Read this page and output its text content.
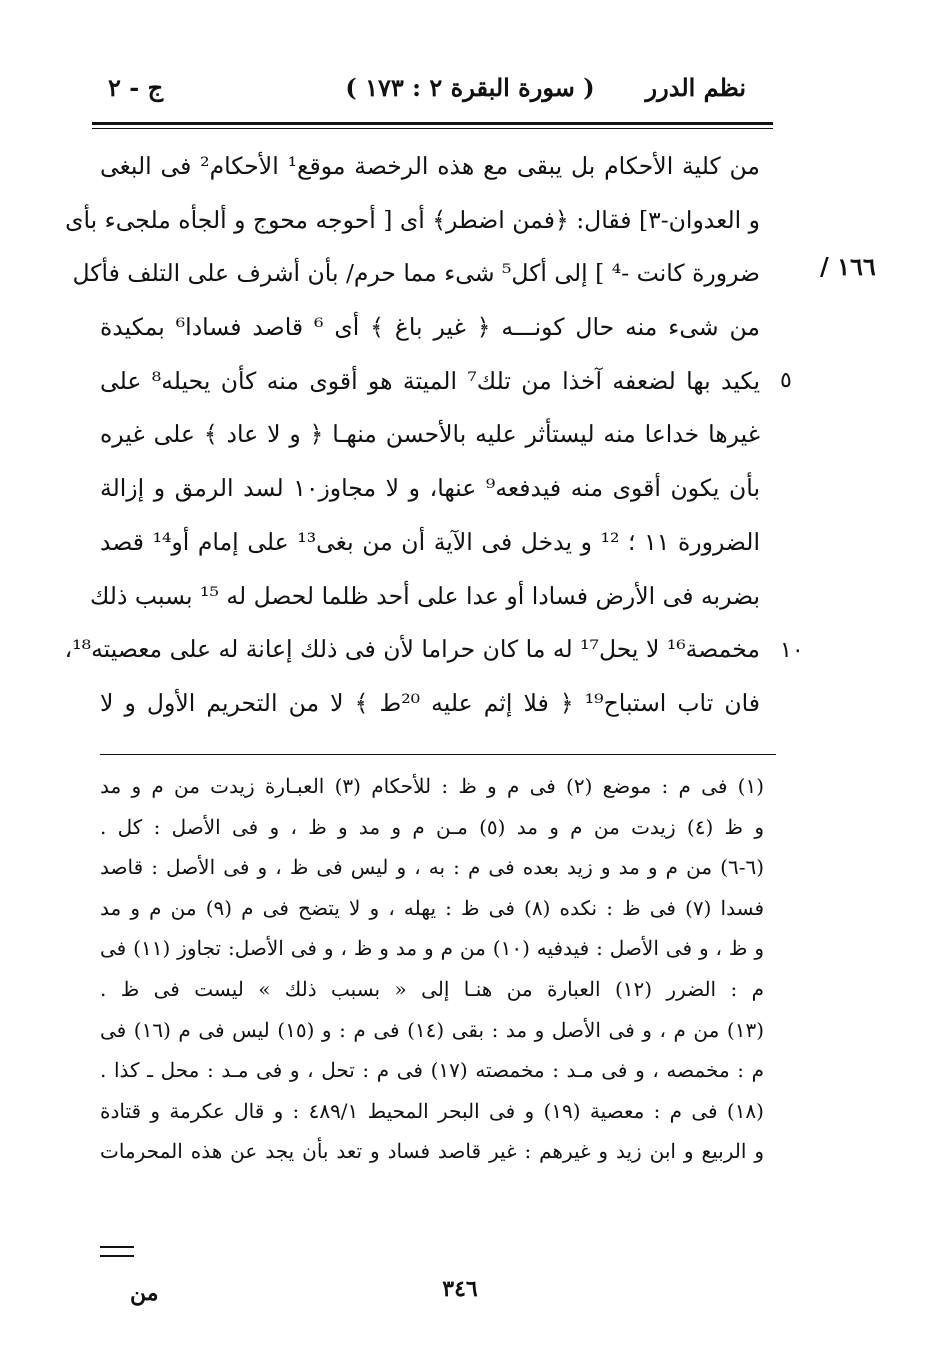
نظم الدرر
( سورة البقرة ٢ : ١٧٣ )
ج - ٢
١٦٦ /
٥
١٠
من كلية الأحكام بل يبقى مع هذه الرخصة موقع¹ الأحكام² فى البغى
و العدوان-٣] فقال: ﴿فمن اضطر﴾ أى [ أحوجه محوج و ألجأه ملجىء بأى
ضرورة كانت -⁴ ] إلى أكل⁵ شىء مما حرم/ بأن أشرف على التلف فأكل
من شىء منه حال كونـــه ﴿ غير باغ ﴾ أى ⁶ قاصد فسادا⁶ بمكيدة
يكيد بها لضعفه آخذا من تلك⁷ الميتة هو أقوى منه كأن يحيله⁸ على
غيرها خداعا منه ليستأثر عليه بالأحسن منهـا ﴿ و لا عاد ﴾ على غيره
بأن يكون أقوى منه فيدفعه⁹ عنها، و لا مجاوز١٠ لسد الرمق و إزالة
الضرورة ١١ ؛ ¹² و يدخل فى الآية أن من بغى¹³ على إمام أو¹⁴ قصد
بضربه فى الأرض فسادا أو عدا على أحد ظلما لحصل له ¹⁵ بسبب ذلك
مخمصة¹⁶ لا يحل¹⁷ له ما كان حراما لأن فى ذلك إعانة له على معصيته¹⁸،
فان تاب استباح¹⁹ ﴿ فلا إثم عليه ²⁰ط ﴾ لا من التحريم الأول و لا
(١) فى م : موضع (٢) فى م و ظ : للأحكام (٣) العبـارة زيدت من م و مد
و ظ (٤) زيدت من م و مد (٥) مـن م و مد و ظ ، و فى الأصل : كل .
(٦-٦) من م و مد و زيد بعده فى م : به ، و ليس فى ظ ، و فى الأصل : قاصد
فسدا (٧) فى ظ : نكده (٨) فى ظ : يهله ، و لا يتضح فى م (٩) من م و مد
و ظ ، و فى الأصل : فيدفيه (١٠) من م و مد و ظ ، و فى الأصل: تجاوز (١١) فى
م : الضرر (١٢) العبارة من هنـا إلى « بسبب ذلك » ليست فى ظ .
(١٣) من م ، و فى الأصل و مد : بقى (١٤) فى م : و (١٥) ليس فى م (١٦) فى
م : مخمصه ، و فى مـد : مخمصته (١٧) فى م : تحل ، و فى مـد : محل ـ كذا .
(١٨) فى م : معصية (١٩) و فى البحر المحيط ٤٨٩/١ : و قال عكرمة و قتادة
و الربيع و ابن زيد و غيرهم : غير قاصد فساد و تعد بأن يجد عن هذه المحرمات
٣٤٦
من
